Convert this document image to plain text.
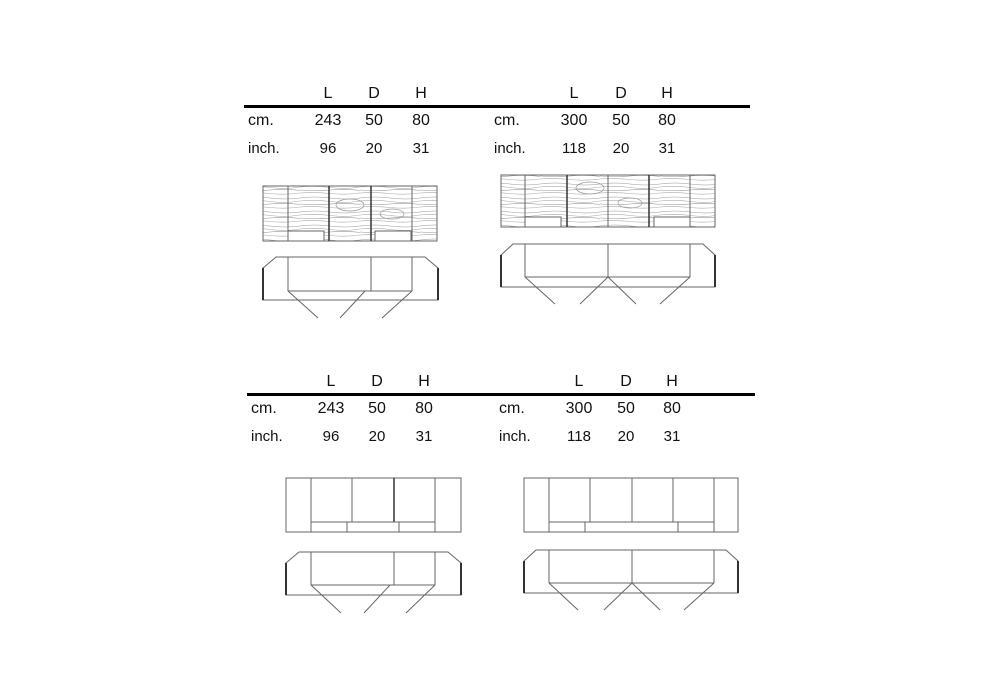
L D H
cm.	243 50 80
inch.	96 20 31
L D H
cm.	300 50 80
inch. 118 20 31
L D H
cm.	243 50 80
inch.	96 20 31
L D H
cm.	300 50 80
inch. 118 20 31
